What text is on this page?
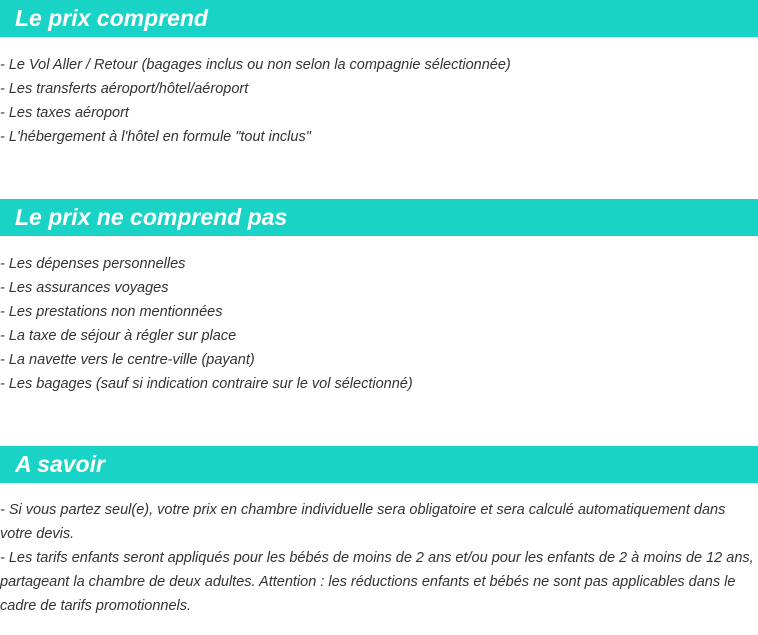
Le prix comprend
- Le Vol Aller / Retour (bagages inclus ou non selon la compagnie sélectionnée)
- Les transferts aéroport/hôtel/aéroport
- Les taxes aéroport
- L'hébergement à l'hôtel en formule "tout inclus"
Le prix ne comprend pas
- Les dépenses personnelles
- Les assurances voyages
- Les prestations non mentionnées
- La taxe de séjour à régler sur place
- La navette vers le centre-ville (payant)
- Les bagages (sauf si indication contraire sur le vol sélectionné)
A savoir

- Si vous partez seul(e), votre prix en chambre individuelle sera obligatoire et sera calculé automatiquement dans votre devis.

- Les tarifs enfants seront appliqués pour les bébés de moins de 2 ans et/ou pour les enfants de 2 à moins de 12 ans, partageant la chambre de deux adultes. Attention : les réductions enfants et bébés ne sont pas applicables dans le cadre de tarifs promotionnels.
